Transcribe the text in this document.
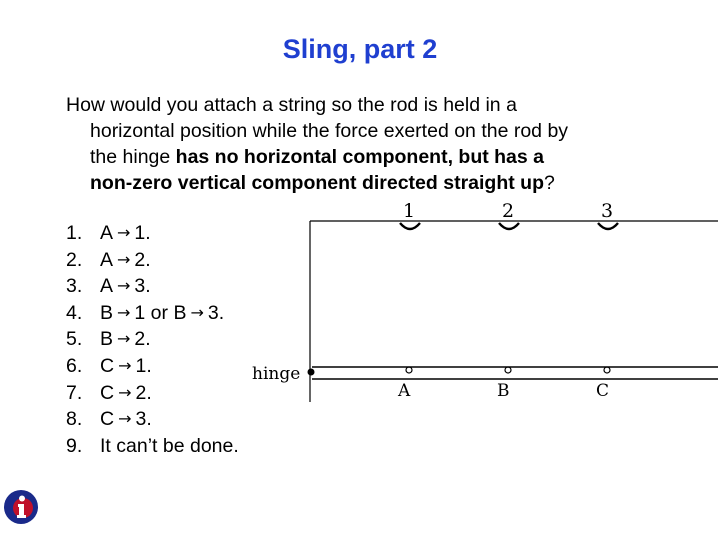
Sling, part 2
How would you attach a string so the rod is held in a
horizontal position while the force exerted on the rod by
the hinge has no horizontal component, but has a
non-zero vertical component directed straight up?
1. A → 1.
2. A → 2.
3. A → 3.
4. B → 1 or B → 3.
5. B → 2.
6. C → 1.
7. C → 2.
8. C → 3.
9. It can’t be done.
1	2	3
hinge
A	B	C
